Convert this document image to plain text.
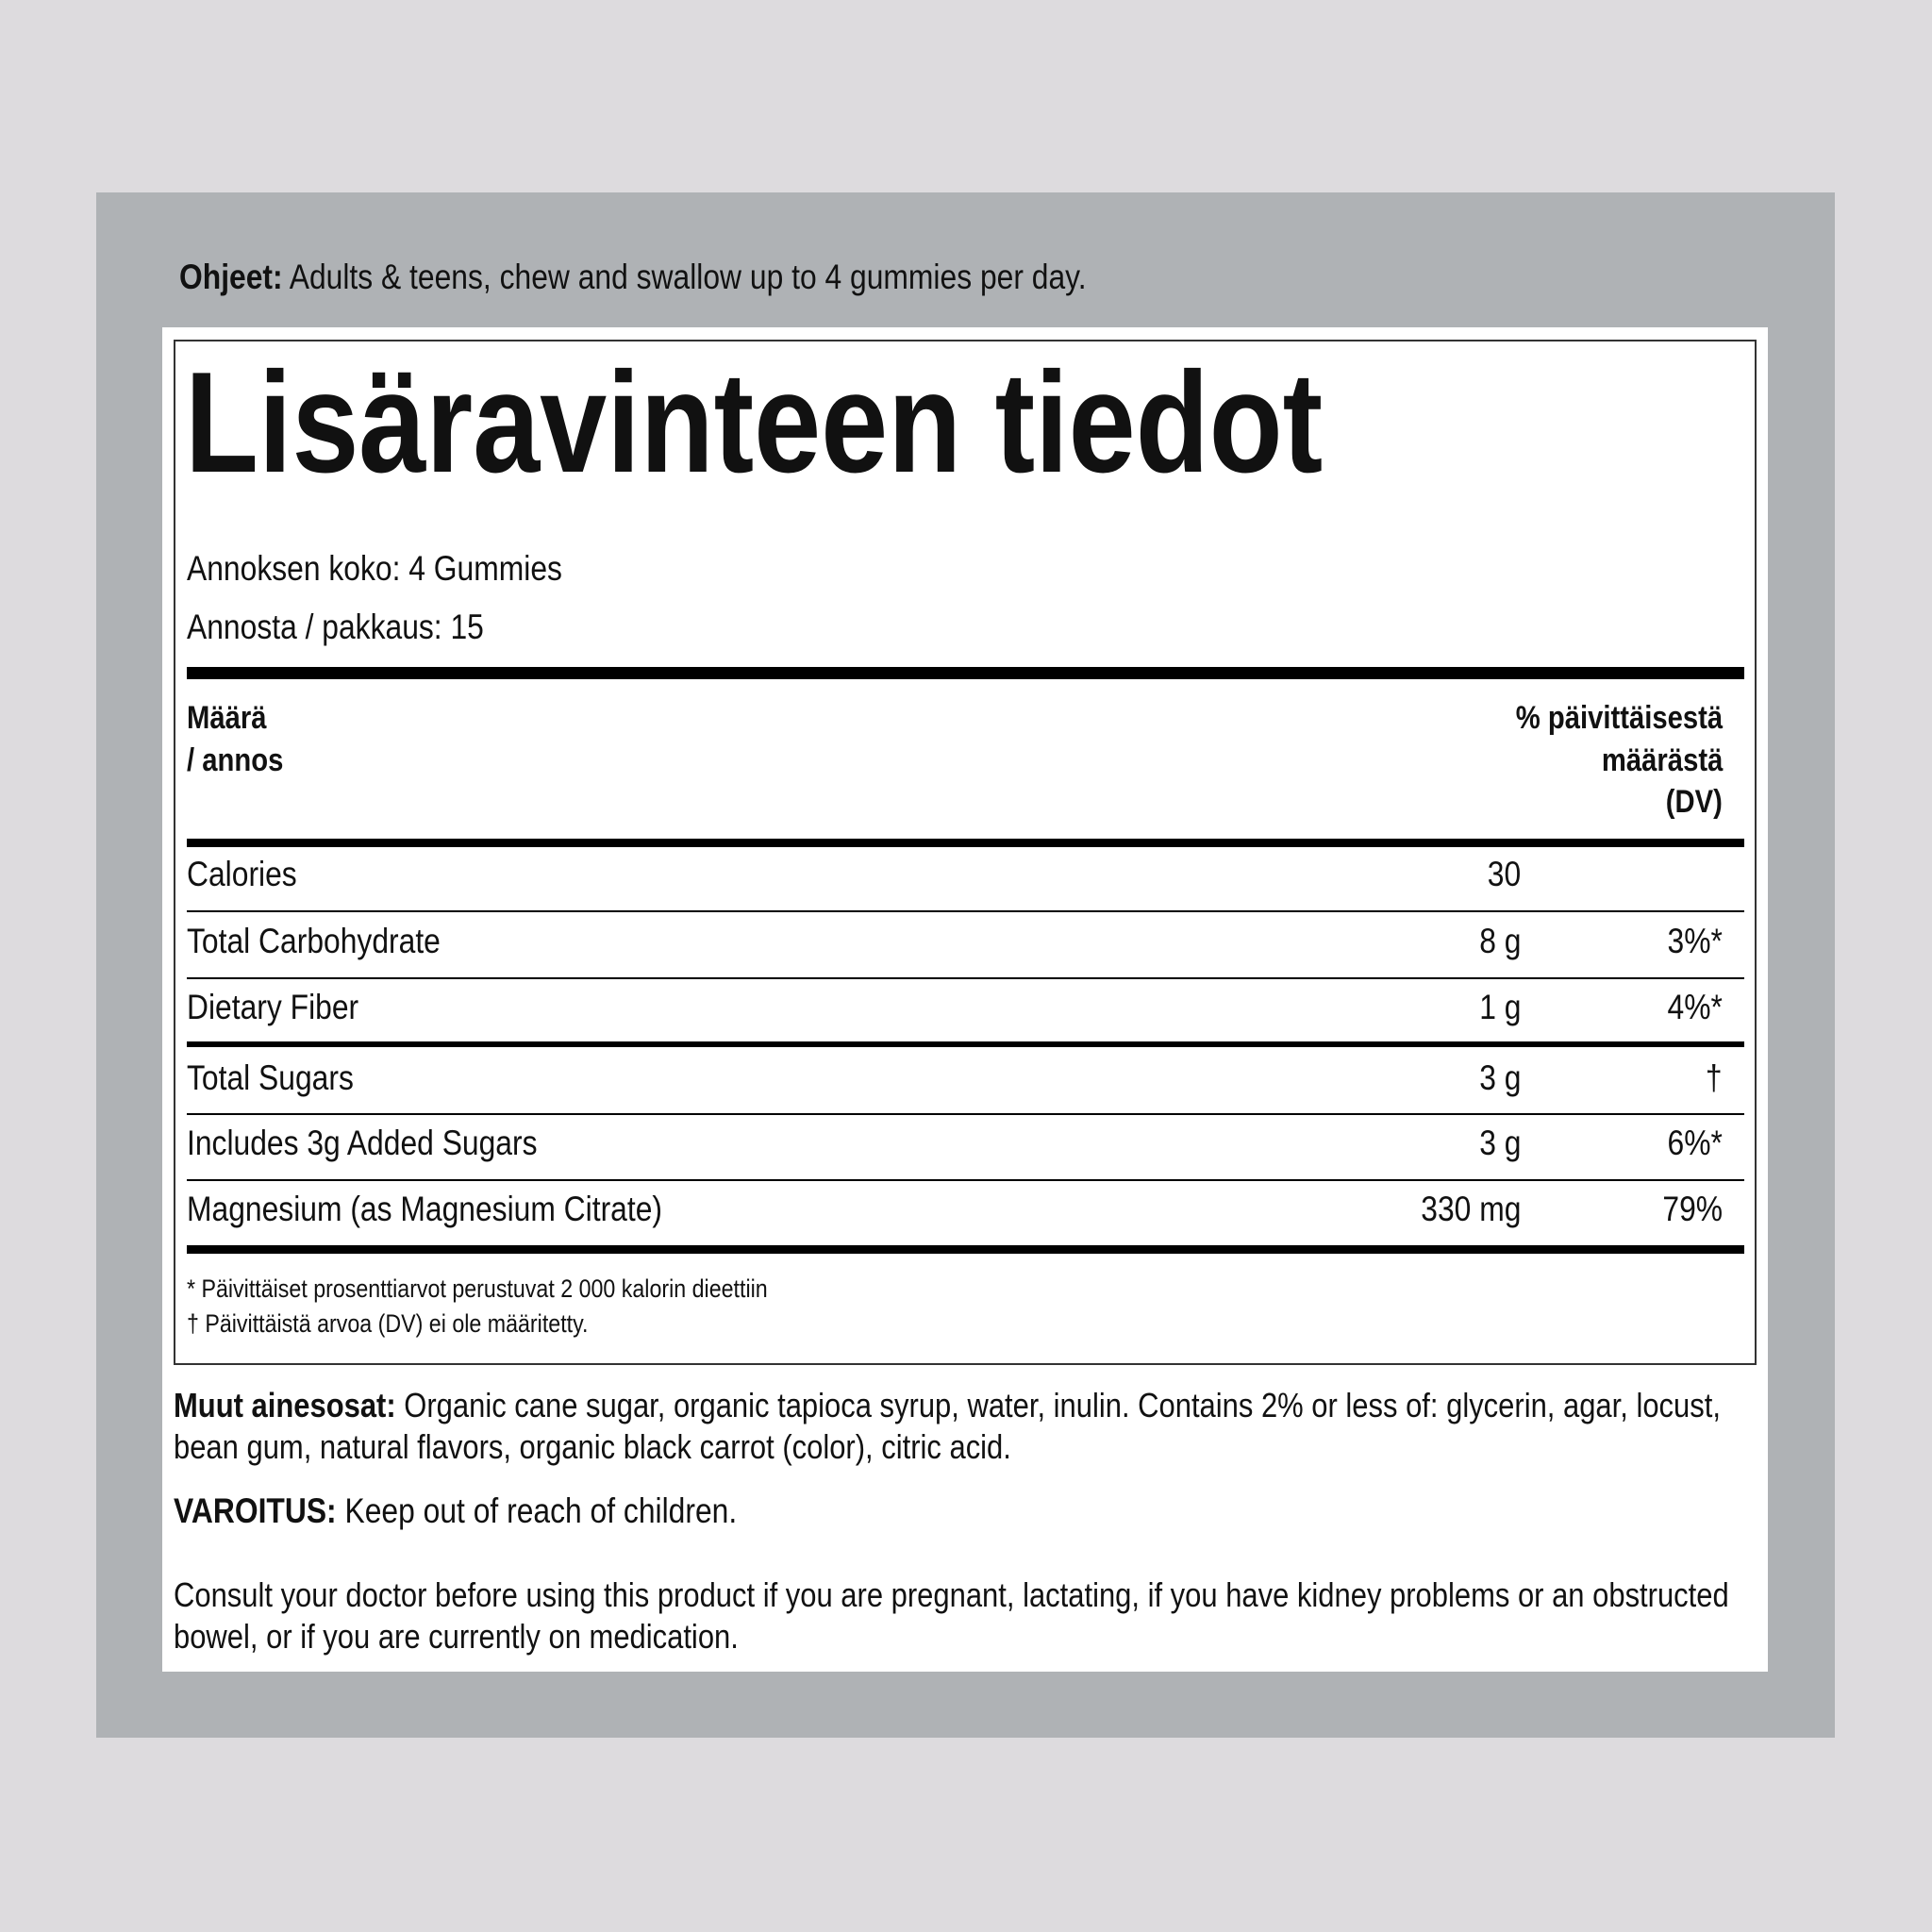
Ohjeet: Adults & teens, chew and swallow up to 4 gummies per day.
Lisäravinteen tiedot
Annoksen koko: 4 Gummies
Annosta / pakkaus: 15
Määrä
/ annos
% päivittäisestä
määrästä
(DV)
Calories	30
Total Carbohydrate	8 g	3%*
Dietary Fiber	1 g	4%*
Total Sugars	3 g	†
Includes 3g Added Sugars	3 g	6%*
Magnesium (as Magnesium Citrate)	330 mg	79%
* Päivittäiset prosenttiarvot perustuvat 2 000 kalorin dieettiin
† Päivittäistä arvoa (DV) ei ole määritetty.
Muut ainesosat: Organic cane sugar, organic tapioca syrup, water, inulin. Contains 2% or less of: glycerin, agar, locust, bean gum, natural flavors, organic black carrot (color), citric acid.
VAROITUS: Keep out of reach of children.
Consult your doctor before using this product if you are pregnant, lactating, if you have kidney problems or an obstructed bowel, or if you are currently on medication.
